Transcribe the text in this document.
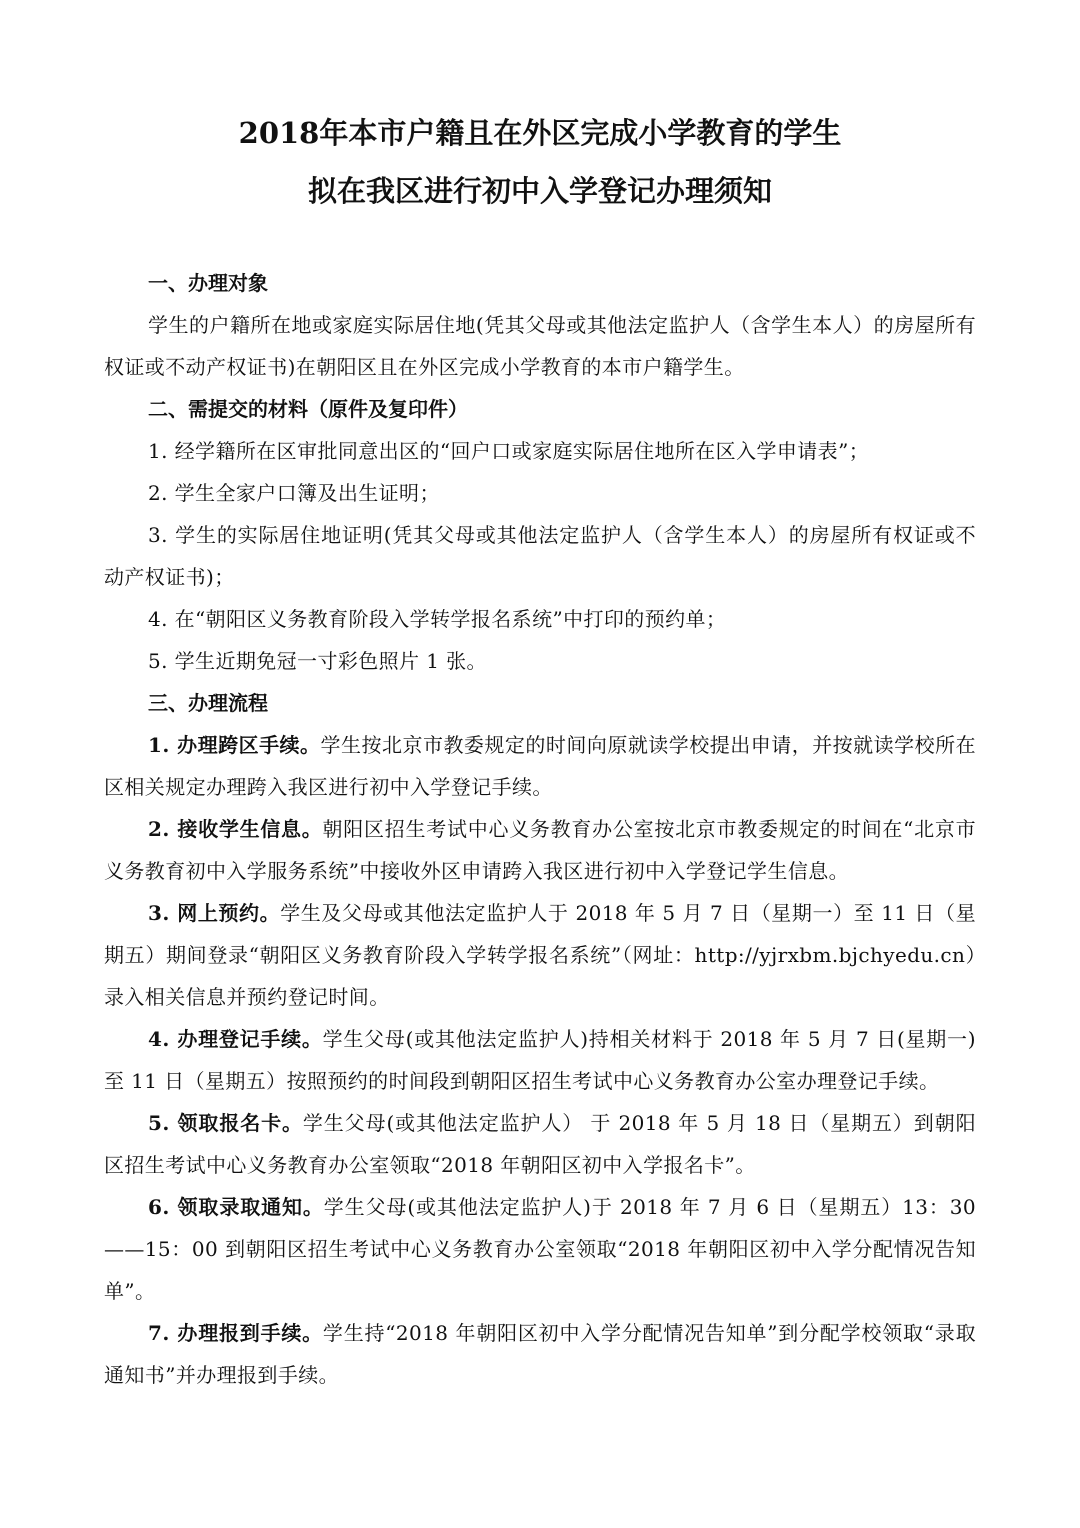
2018年本市户籍且在外区完成小学教育的学生
拟在我区进行初中入学登记办理须知
一、办理对象

学生的户籍所在地或家庭实际居住地(凭其父母或其他法定监护人（含学生本人）的房屋所有权证或不动产权证书)在朝阳区且在外区完成小学教育的本市户籍学生。

二、需提交的材料（原件及复印件）

1. 经学籍所在区审批同意出区的“回户口或家庭实际居住地所在区入学申请表”；

2. 学生全家户口簿及出生证明；

3. 学生的实际居住地证明(凭其父母或其他法定监护人（含学生本人）的房屋所有权证或不动产权证书)；

4. 在“朝阳区义务教育阶段入学转学报名系统”中打印的预约单；

5. 学生近期免冠一寸彩色照片 1 张。

三、办理流程

1. 办理跨区手续。学生按北京市教委规定的时间向原就读学校提出申请，并按就读学校所在区相关规定办理跨入我区进行初中入学登记手续。

2. 接收学生信息。朝阳区招生考试中心义务教育办公室按北京市教委规定的时间在“北京市义务教育初中入学服务系统”中接收外区申请跨入我区进行初中入学登记学生信息。

3. 网上预约。学生及父母或其他法定监护人于 2018 年 5 月 7 日（星期一）至 11 日（星期五）期间登录“朝阳区义务教育阶段入学转学报名系统”（网址：http://yjrxbm.bjchyedu.cn）录入相关信息并预约登记时间。

4. 办理登记手续。学生父母(或其他法定监护人)持相关材料于 2018 年 5 月 7 日(星期一)至 11 日（星期五）按照预约的时间段到朝阳区招生考试中心义务教育办公室办理登记手续。

5. 领取报名卡。学生父母(或其他法定监护人） 于 2018 年 5 月 18 日（星期五）到朝阳区招生考试中心义务教育办公室领取“2018 年朝阳区初中入学报名卡”。

6. 领取录取通知。学生父母(或其他法定监护人)于 2018 年 7 月 6 日（星期五）13：30——15：00 到朝阳区招生考试中心义务教育办公室领取“2018 年朝阳区初中入学分配情况告知单”。

7. 办理报到手续。学生持“2018 年朝阳区初中入学分配情况告知单”到分配学校领取“录取通知书”并办理报到手续。
